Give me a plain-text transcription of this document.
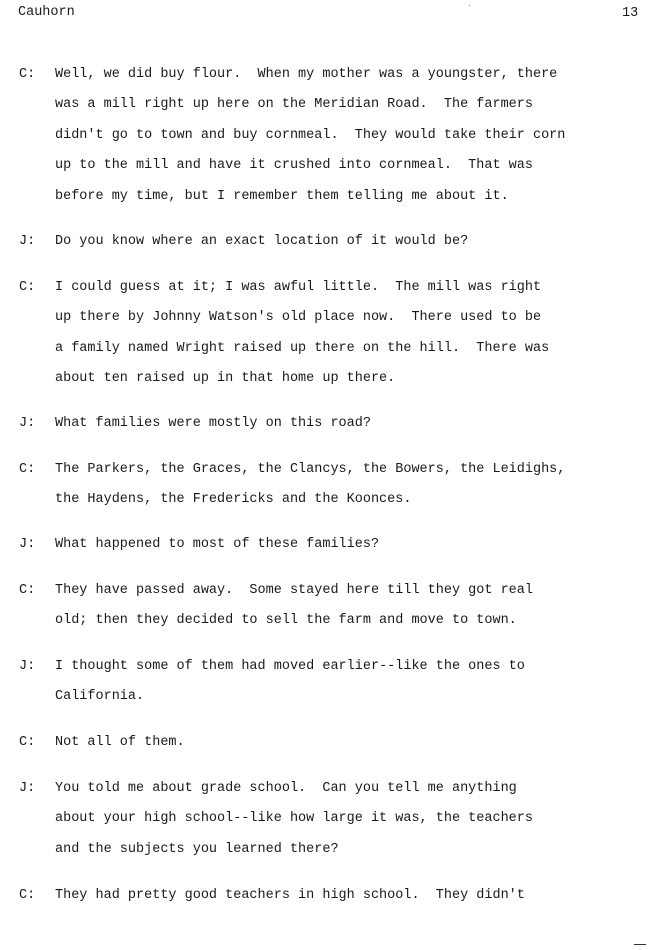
Cauhorn	13
C: Well, we did buy flour.  When my mother was a youngster, there
was a mill right up here on the Meridian Road.  The farmers
didn't go to town and buy cornmeal.  They would take their corn
up to the mill and have it crushed into cornmeal.  That was
before my time, but I remember them telling me about it.
J: Do you know where an exact location of it would be?
C: I could guess at it; I was awful little.  The mill was right
up there by Johnny Watson's old place now.  There used to be
a family named Wright raised up there on the hill.  There was
about ten raised up in that home up there.
J: What families were mostly on this road?
C: The Parkers, the Graces, the Clancys, the Bowers, the Leidighs,
the Haydens, the Fredericks and the Koonces.
J: What happened to most of these families?
C: They have passed away.  Some stayed here till they got real
old; then they decided to sell the farm and move to town.
J: I thought some of them had moved earlier--like the ones to
California.
C: Not all of them.
J: You told me about grade school.  Can you tell me anything
about your high school--like how large it was, the teachers
and the subjects you learned there?
C: They had pretty good teachers in high school.  They didn't
